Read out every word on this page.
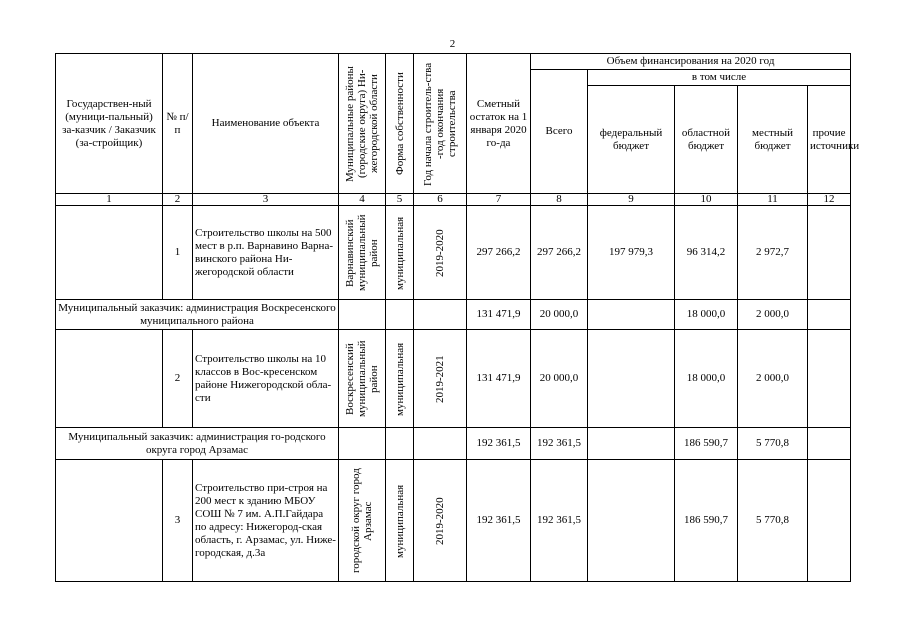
2
Государствен-ный (муници-пальный) за-казчик / Заказчик (за-стройщик)	№ п/п	Наименование объекта	Муниципальные районы (городские округа) Ни-жегородской области	Форма собственности	Год начала строитель-ства -год окончания строительства	Сметный остаток на 1 января 2020 го-да	Объем финансирования на 2020 год				
							Всего	в том числе			
								федеральный бюджет	областной бюджет	местный бюджет	прочие источники
1	2	3	4	5	6	7	8	9	10	11	12
	1	Строительство школы на 500 мест в р.п. Варнавино Варна-винского района Ни-жегородской области	Варнавинский муниципальный район	муниципальная	2019-2020	297 266,2	297 266,2	197 979,3	96 314,2	2 972,7	
Муниципальный заказчик: администрация Воскресенского муниципального района						131 471,9	20 000,0		18 000,0	2 000,0	
	2	Строительство школы на 10 классов в Вос-кресенском районе Нижегородской обла-сти	Воскресенский муниципальный район	муниципальная	2019-2021	131 471,9	20 000,0		18 000,0	2 000,0	
Муниципальный заказчик: администрация го-родского округа город Арзамас						192 361,5	192 361,5		186 590,7	5 770,8	
	3	Строительство при-строя на 200 мест к зданию МБОУ СОШ № 7 им. А.П.Гайдара по адресу: Нижегород-ская область, г. Арзамас, ул. Ниже-городская, д.3а	городской округ город Арзамас	муниципальная	2019-2020	192 361,5	192 361,5		186 590,7	5 770,8	
